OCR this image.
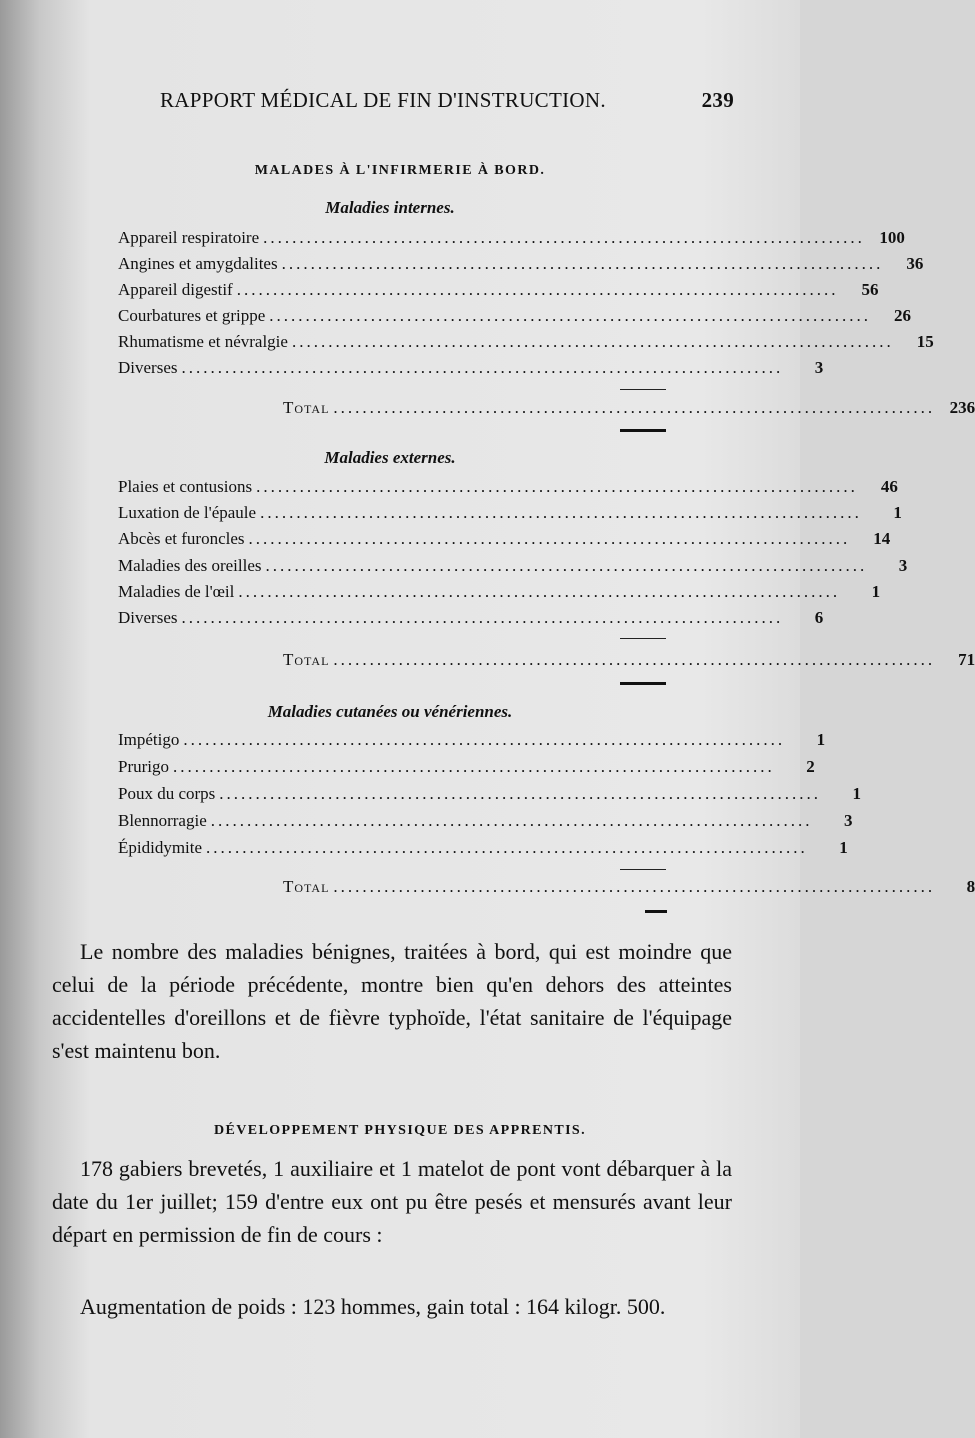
RAPPORT MÉDICAL DE FIN D'INSTRUCTION.	239
MALADES À L'INFIRMERIE À BORD.
Maladies internes.
Appareil respiratoire ................................................................................... 100
Angines et amygdalites ...................................................................................	36
Appareil digestif ...................................................................................	56
Courbatures et grippe ...................................................................................	26
Rhumatisme et névralgie ...................................................................................	15
Diverses ...................................................................................	3
Total ................................................................................... 236
Maladies externes.
Plaies et contusions ...................................................................................	46
Luxation de l'épaule ...................................................................................	1
Abcès et furoncles ...................................................................................	14
Maladies des oreilles ...................................................................................	3
Maladies de l'œil ...................................................................................	1
Diverses ...................................................................................	6
Total ...................................................................................	71
Maladies cutanées ou vénériennes.
Impétigo ...................................................................................	1
Prurigo ...................................................................................	2
Poux du corps ...................................................................................	1
Blennorragie ...................................................................................	3
Épididymite ...................................................................................	1
Total ...................................................................................	8

Le nombre des maladies bénignes, traitées à bord, qui est moindre que celui de la période précédente, montre bien qu'en dehors des atteintes accidentelles d'oreillons et de fièvre typhoïde, l'état sanitaire de l'équipage s'est maintenu bon.

DÉVELOPPEMENT PHYSIQUE DES APPRENTIS.

178 gabiers brevetés, 1 auxiliaire et 1 matelot de pont vont débarquer à la date du 1er juillet; 159 d'entre eux ont pu être pesés et mensurés avant leur départ en permission de fin de cours :

Augmentation de poids : 123 hommes, gain total : 164 kilogr. 500.
